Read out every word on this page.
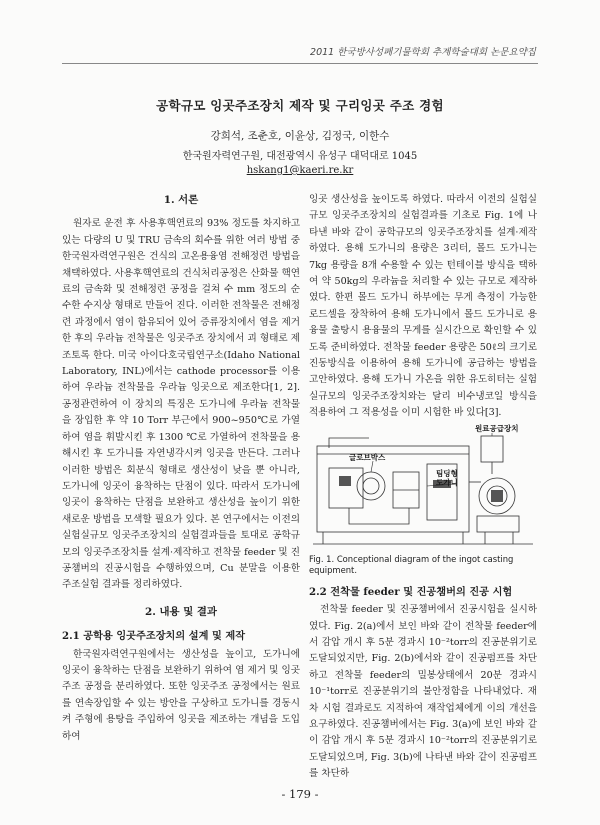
2011 한국방사성폐기물학회 추계학술대회 논문요약집
공학규모 잉곳주조장치 제작 및 구리잉곳 주조 경험
강희석, 조춘호, 이윤상, 김정국, 이한수
한국원자력연구원, 대전광역시 유성구 대덕대로 1045
hskang1@kaeri.re.kr
1. 서론

원자로 운전 후 사용후핵연료의 93% 정도를 차지하고 있는 다량의 U 및 TRU 금속의 회수를 위한 여러 방법 중 한국원자력연구원은 건식의 고온용융염 전해정련 방법을 채택하였다. 사용후핵연료의 건식처리공정은 산화물 핵연료의 금속화 및 전해정련 공정을 걸쳐 수 mm 정도의 순수한 수지상 형태로 만들어 진다. 이러한 전착물은 전해정련 과정에서 염이 함유되어 있어 증류장치에서 염을 제거한 후의 우라늄 전착물은 잉곳주조 장치에서 괴 형태로 제조토록 한다. 미국 아이다호국립연구소(Idaho National Laboratory, INL)에서는 cathode processor를 이용하여 우라늄 전착물을 우라늄 잉곳으로 제조한다[1, 2]. 공정관련하여 이 장치의 특징은 도가니에 우라늄 전착물을 장입한 후 약 10 Torr 부근에서 900~950℃로 가열하여 염을 휘발시킨 후 1300 ℃로 가열하여 전착물을 용해시킨 후 도가니를 자연냉각시켜 잉곳을 만든다. 그러나 이러한 방법은 회분식 형태로 생산성이 낮을 뿐 아니라, 도가니에 잉곳이 융착하는 단점이 있다. 따라서 도가니에 잉곳이 융착하는 단점을 보완하고 생산성을 높이기 위한 새로운 방법을 모색할 필요가 있다. 본 연구에서는 이전의 실험실규모 잉곳주조장치의 실험결과들을 토대로 공학규모의 잉곳주조장치를 설계·제작하고 전착물 feeder 및 진공챔버의 진공시험을 수행하였으며, Cu 분말을 이용한 주조실험 결과를 정리하였다.

2. 내용 및 결과
2.1 공학용 잉곳주조장치의 설계 및 제작

한국원자력연구원에서는 생산성을 높이고, 도가니에 잉곳이 융착하는 단점을 보완하기 위하여 염 제거 및 잉곳주조 공정을 분리하였다. 또한 잉곳주조 공정에서는 원료를 연속장입할 수 있는 방안을 구상하고 도가니를 경동시켜 주형에 용탕을 주입하여 잉곳을 제조하는 개념을 도입하여

잉곳 생산성을 높이도록 하였다. 따라서 이전의 실험실규모 잉곳주조장치의 실험결과를 기초로 Fig. 1에 나타낸 바와 같이 공학규모의 잉곳주조장치를 설계·제작하였다. 용해 도가니의 용량은 3리터, 몰드 도가니는 7kg 용량을 8개 수용할 수 있는 턴테이블 방식을 택하여 약 50kg의 우라늄을 처리할 수 있는 규모로 제작하였다. 한편 몰드 도가니 하부에는 무게 측정이 가능한 로드셀을 장착하여 용해 도가니에서 몰드 도가니로 용융물 출탕시 용융물의 무게를 실시간으로 확인할 수 있도록 준비하였다. 전착물 feeder 용량은 50ℓ의 크기로 진동방식을 이용하여 용해 도가니에 공급하는 방법을 고안하였다. 용해 도가니 가온을 위한 유도히터는 실험실규모의 잉곳주조장치와는 달리 비수냉코일 방식을 적용하여 그 적용성을 이미 시험한 바 있다[3].

원료공급장치
글로브박스
팀딩형
도가니
Fig. 1. Conceptional diagram of the ingot casting equipment.
2.2 전착물 feeder 및 진공챔버의 진공 시험

전착물 feeder 및 진공챔버에서 진공시험을 실시하였다. Fig. 2(a)에서 보인 바와 같이 전착물 feeder에서 감압 개시 후 5분 경과시 10⁻²torr의 진공분위기로 도달되었지만, Fig. 2(b)에서와 같이 진공펌프를 차단하고 전착물 feeder의 밀봉상태에서 20분 경과시 10⁻¹torr로 진공분위기의 불안정함을 나타내었다. 재차 시험 결과로도 지적하여 재작업체에게 이의 개선을 요구하였다. 진공챔버에서는 Fig. 3(a)에 보인 바와 같이 감압 개시 후 5분 경과시 10⁻²torr의 진공분위기로 도달되었으며, Fig. 3(b)에 나타낸 바와 같이 진공펌프를 차단하

- 179 -
